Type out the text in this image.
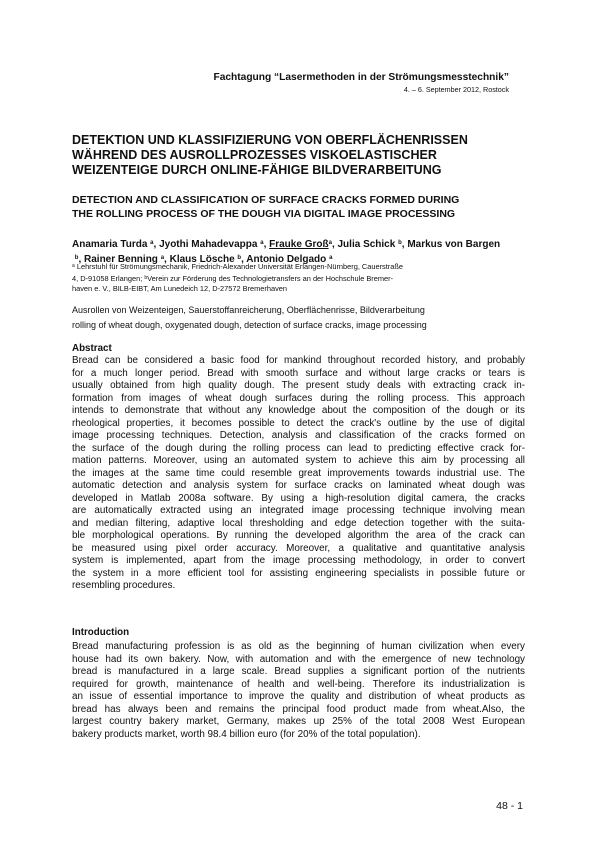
Fachtagung “Lasermethoden in der Strömungsmesstechnik”
4. – 6. September 2012, Rostock
DETEKTION UND KLASSIFIZIERUNG VON OBERFLÄCHENRISSEN
WÄHREND DES AUSROLLPROZESSES VISKOELASTISCHER
WEIZENTEIGE DURCH ONLINE-FÄHIGE BILDVERARBEITUNG
DETECTION AND CLASSIFICATION OF SURFACE CRACKS FORMED DURING
THE ROLLING PROCESS OF THE DOUGH VIA DIGITAL IMAGE PROCESSING
Anamaria Turda $^a$, Jyothi Mahadevappa $^a$, Frauke Groß$^a$, Julia Schick $^b$, Markus von Bargen
$^b$, Rainer Benning $^a$, Klaus Lösche $^b$, Antonio Delgado $^a$
$^a$ Lehrstuhl für Strömungsmechanik, Friedrich-Alexander Universität Erlangen-Nürnberg, Cauerstraße
4, D-91058 Erlangen; $^b$Verein zur Förderung des Technologietransfers an der Hochschule Bremer-
haven e. V., BILB-EIBT, Am Lunedeich 12, D-27572 Bremerhaven
Ausrollen von Weizenteigen, Sauerstoffanreicherung, Oberflächenrisse, Bildverarbeitung
rolling of wheat dough, oxygenated dough, detection of surface cracks, image processing
Abstract
Bread can be considered a basic food for mankind throughout recorded history, and probably
for a much longer period. Bread with smooth surface and without large cracks or tears is
usually obtained from high quality dough. The present study deals with extracting crack in-
formation from images of wheat dough surfaces during the rolling process. This approach
intends to demonstrate that without any knowledge about the composition of the dough or its
rheological properties, it becomes possible to detect the crack's outline by the use of digital
image processing techniques. Detection, analysis and classification of the cracks formed on
the surface of the dough during the rolling process can lead to predicting effective crack for-
mation patterns. Moreover, using an automated system to achieve this aim by processing all
the images at the same time could resemble great improvements towards industrial use. The
automatic detection and analysis system for surface cracks on laminated wheat dough was
developed in Matlab 2008a software. By using a high-resolution digital camera, the cracks
are automatically extracted using an integrated image processing technique involving mean
and median filtering, adaptive local thresholding and edge detection together with the suita-
ble morphological operations. By running the developed algorithm the area of the crack can
be measured using pixel order accuracy. Moreover, a qualitative and quantitative analysis
system is implemented, apart from the image processing methodology, in order to convert
the system in a more efficient tool for assisting engineering specialists in possible future or
resembling procedures.
Introduction
Bread manufacturing profession is as old as the beginning of human civilization when every
house had its own bakery. Now, with automation and with the emergence of new technology
bread is manufactured in a large scale. Bread supplies a significant portion of the nutrients
required for growth, maintenance of health and well-being. Therefore its industrialization is
an issue of essential importance to improve the quality and distribution of wheat products as
bread has always been and remains the principal food product made from wheat.Also, the
largest country bakery market, Germany, makes up 25% of the total 2008 West European
bakery products market, worth 98.4 billion euro (for 20% of the total population).
48 - 1
